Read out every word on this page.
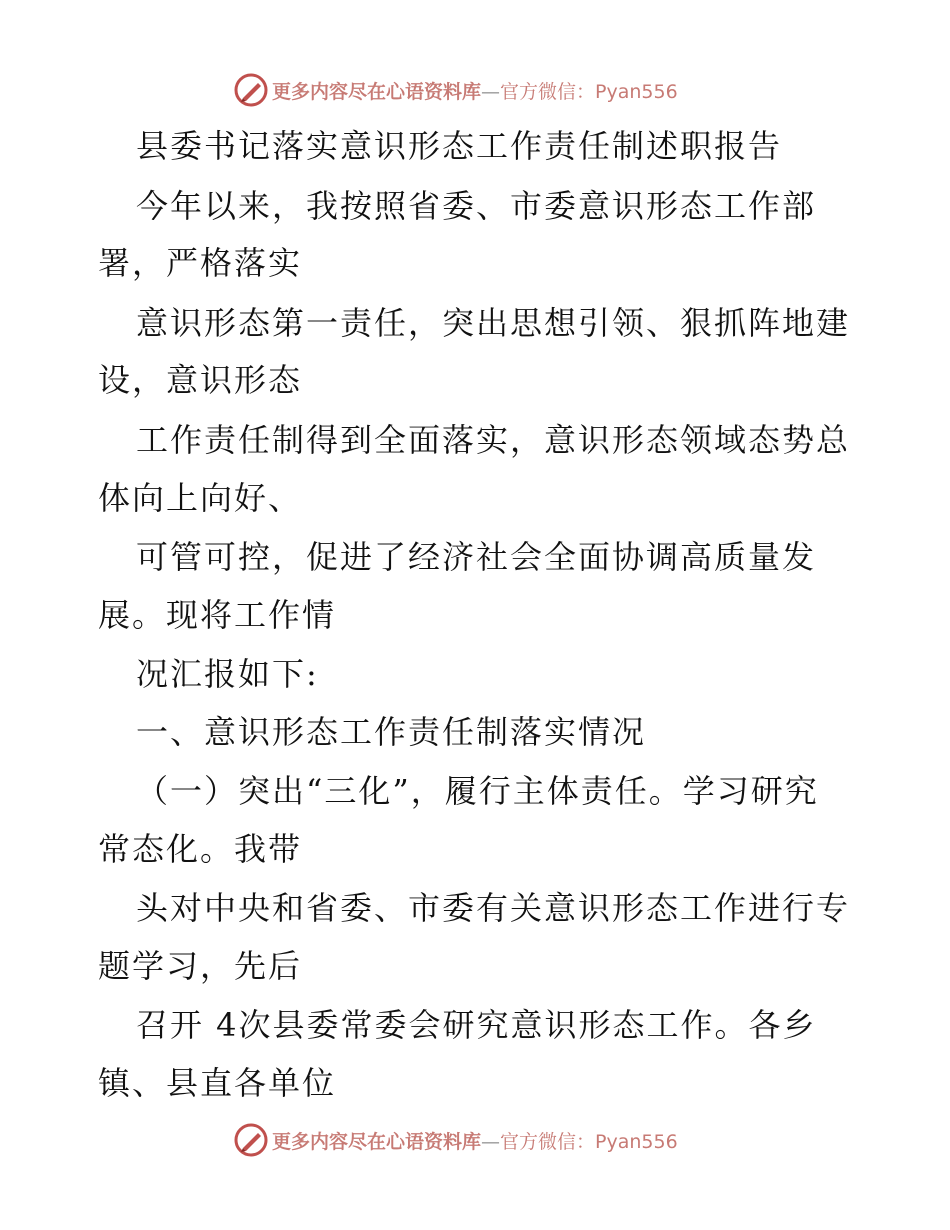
更多内容尽在心语资料库—官方微信：Pyan556
县委书记落实意识形态工作责任制述职报告
今年以来，我按照省委、市委意识形态工作部
署，严格落实
意识形态第一责任，突出思想引领、狠抓阵地建
设，意识形态
工作责任制得到全面落实，意识形态领域态势总
体向上向好、
可管可控，促进了经济社会全面协调高质量发
展。现将工作情
况汇报如下:
一、意识形态工作责任制落实情况
（一）突出“三化”，履行主体责任。学习研究
常态化。我带
头对中央和省委、市委有关意识形态工作进行专
题学习，先后
召开 4次县委常委会研究意识形态工作。各乡
镇、县直各单位
更多内容尽在心语资料库—官方微信：Pyan556
